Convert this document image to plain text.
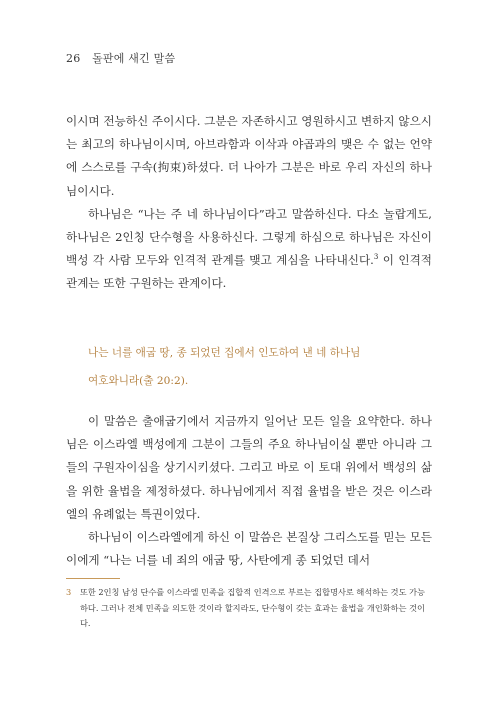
26 돌판에 새긴 말씀

이시며 전능하신 주이시다. 그분은 자존하시고 영원하시고 변하지 않으시는 최고의 하나님이시며, 아브라함과 이삭과 야곱과의 맺은 수 없는 언약에 스스로를 구속(拘束)하셨다. 더 나아가 그분은 바로 우리 자신의 하나님이시다.

하나님은 “나는 주 네 하나님이다”라고 말씀하신다. 다소 놀랍게도, 하나님은 2인칭 단수형을 사용하신다. 그렇게 하심으로 하나님은 자신이 백성 각 사람 모두와 인격적 관계를 맺고 계심을 나타내신다.$^3$ 이 인격적 관계는 또한 구원하는 관계이다.

나는 너를 애굽 땅, 종 되었던 집에서 인도하여 낸 네 하나님

여호와니라(출 20:2).

이 말씀은 출애굽기에서 지금까지 일어난 모든 일을 요약한다. 하나님은 이스라엘 백성에게 그분이 그들의 주요 하나님이실 뿐만 아니라 그들의 구원자이심을 상기시키셨다. 그리고 바로 이 토대 위에서 백성의 삶을 위한 율법을 제정하셨다. 하나님에게서 직접 율법을 받은 것은 이스라엘의 유례없는 특권이었다.

하나님이 이스라엘에게 하신 이 말씀은 본질상 그리스도를 믿는 모든 이에게 “나는 너를 네 죄의 애굽 땅, 사탄에게 종 되었던 데서

3 또한 2인칭 남성 단수를 이스라엘 민족을 집합적 인격으로 부르는 집합명사로 해석하는 것도 가능하다. 그러나 전체 민족을 의도한 것이라 할지라도, 단수형이 갖는 효과는 율법을 개인화하는 것이다.
